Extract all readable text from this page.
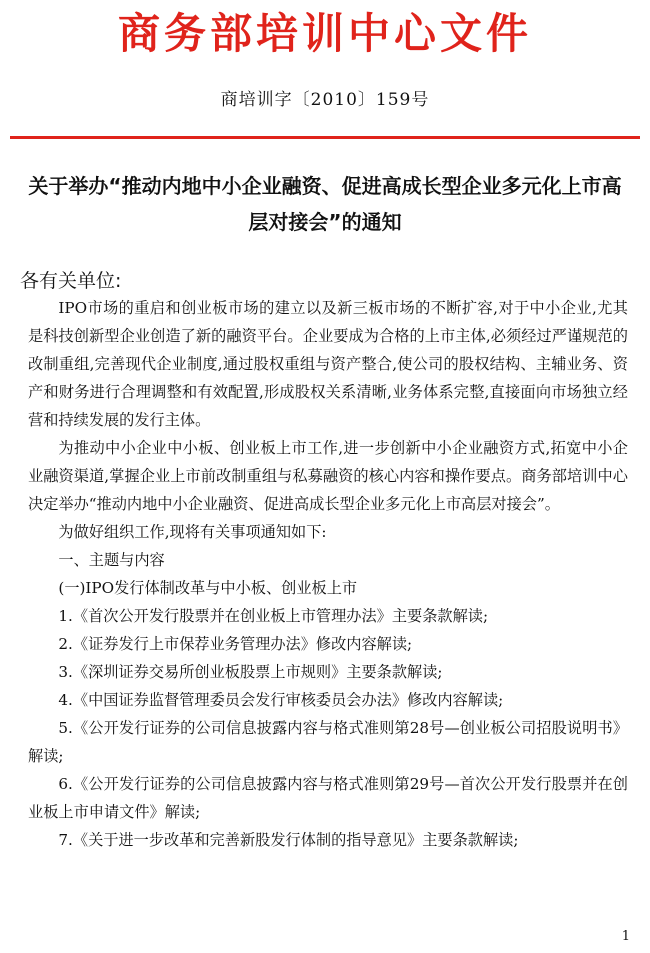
商务部培训中心文件
商培训字〔2010〕159号
关于举办“推动内地中小企业融资、促进高成长型企业多元化上市高层对接会”的通知
各有关单位:

IPO市场的重启和创业板市场的建立以及新三板市场的不断扩容,对于中小企业,尤其是科技创新型企业创造了新的融资平台。企业要成为合格的上市主体,必须经过严谨规范的改制重组,完善现代企业制度,通过股权重组与资产整合,使公司的股权结构、主辅业务、资产和财务进行合理调整和有效配置,形成股权关系清晰,业务体系完整,直接面向市场独立经营和持续发展的发行主体。

为推动中小企业中小板、创业板上市工作,进一步创新中小企业融资方式,拓宽中小企业融资渠道,掌握企业上市前改制重组与私募融资的核心内容和操作要点。商务部培训中心决定举办“推动内地中小企业融资、促进高成长型企业多元化上市高层对接会”。

为做好组织工作,现将有关事项通知如下:

一、主题与内容

(一)IPO发行体制改革与中小板、创业板上市

1.《首次公开发行股票并在创业板上市管理办法》主要条款解读;

2.《证券发行上市保荐业务管理办法》修改内容解读;

3.《深圳证券交易所创业板股票上市规则》主要条款解读;

4.《中国证券监督管理委员会发行审核委员会办法》修改内容解读;

5.《公开发行证券的公司信息披露内容与格式准则第28号—创业板公司招股说明书》解读;

6.《公开发行证券的公司信息披露内容与格式准则第29号—首次公开发行股票并在创业板上市申请文件》解读;

7.《关于进一步改革和完善新股发行体制的指导意见》主要条款解读;

1
